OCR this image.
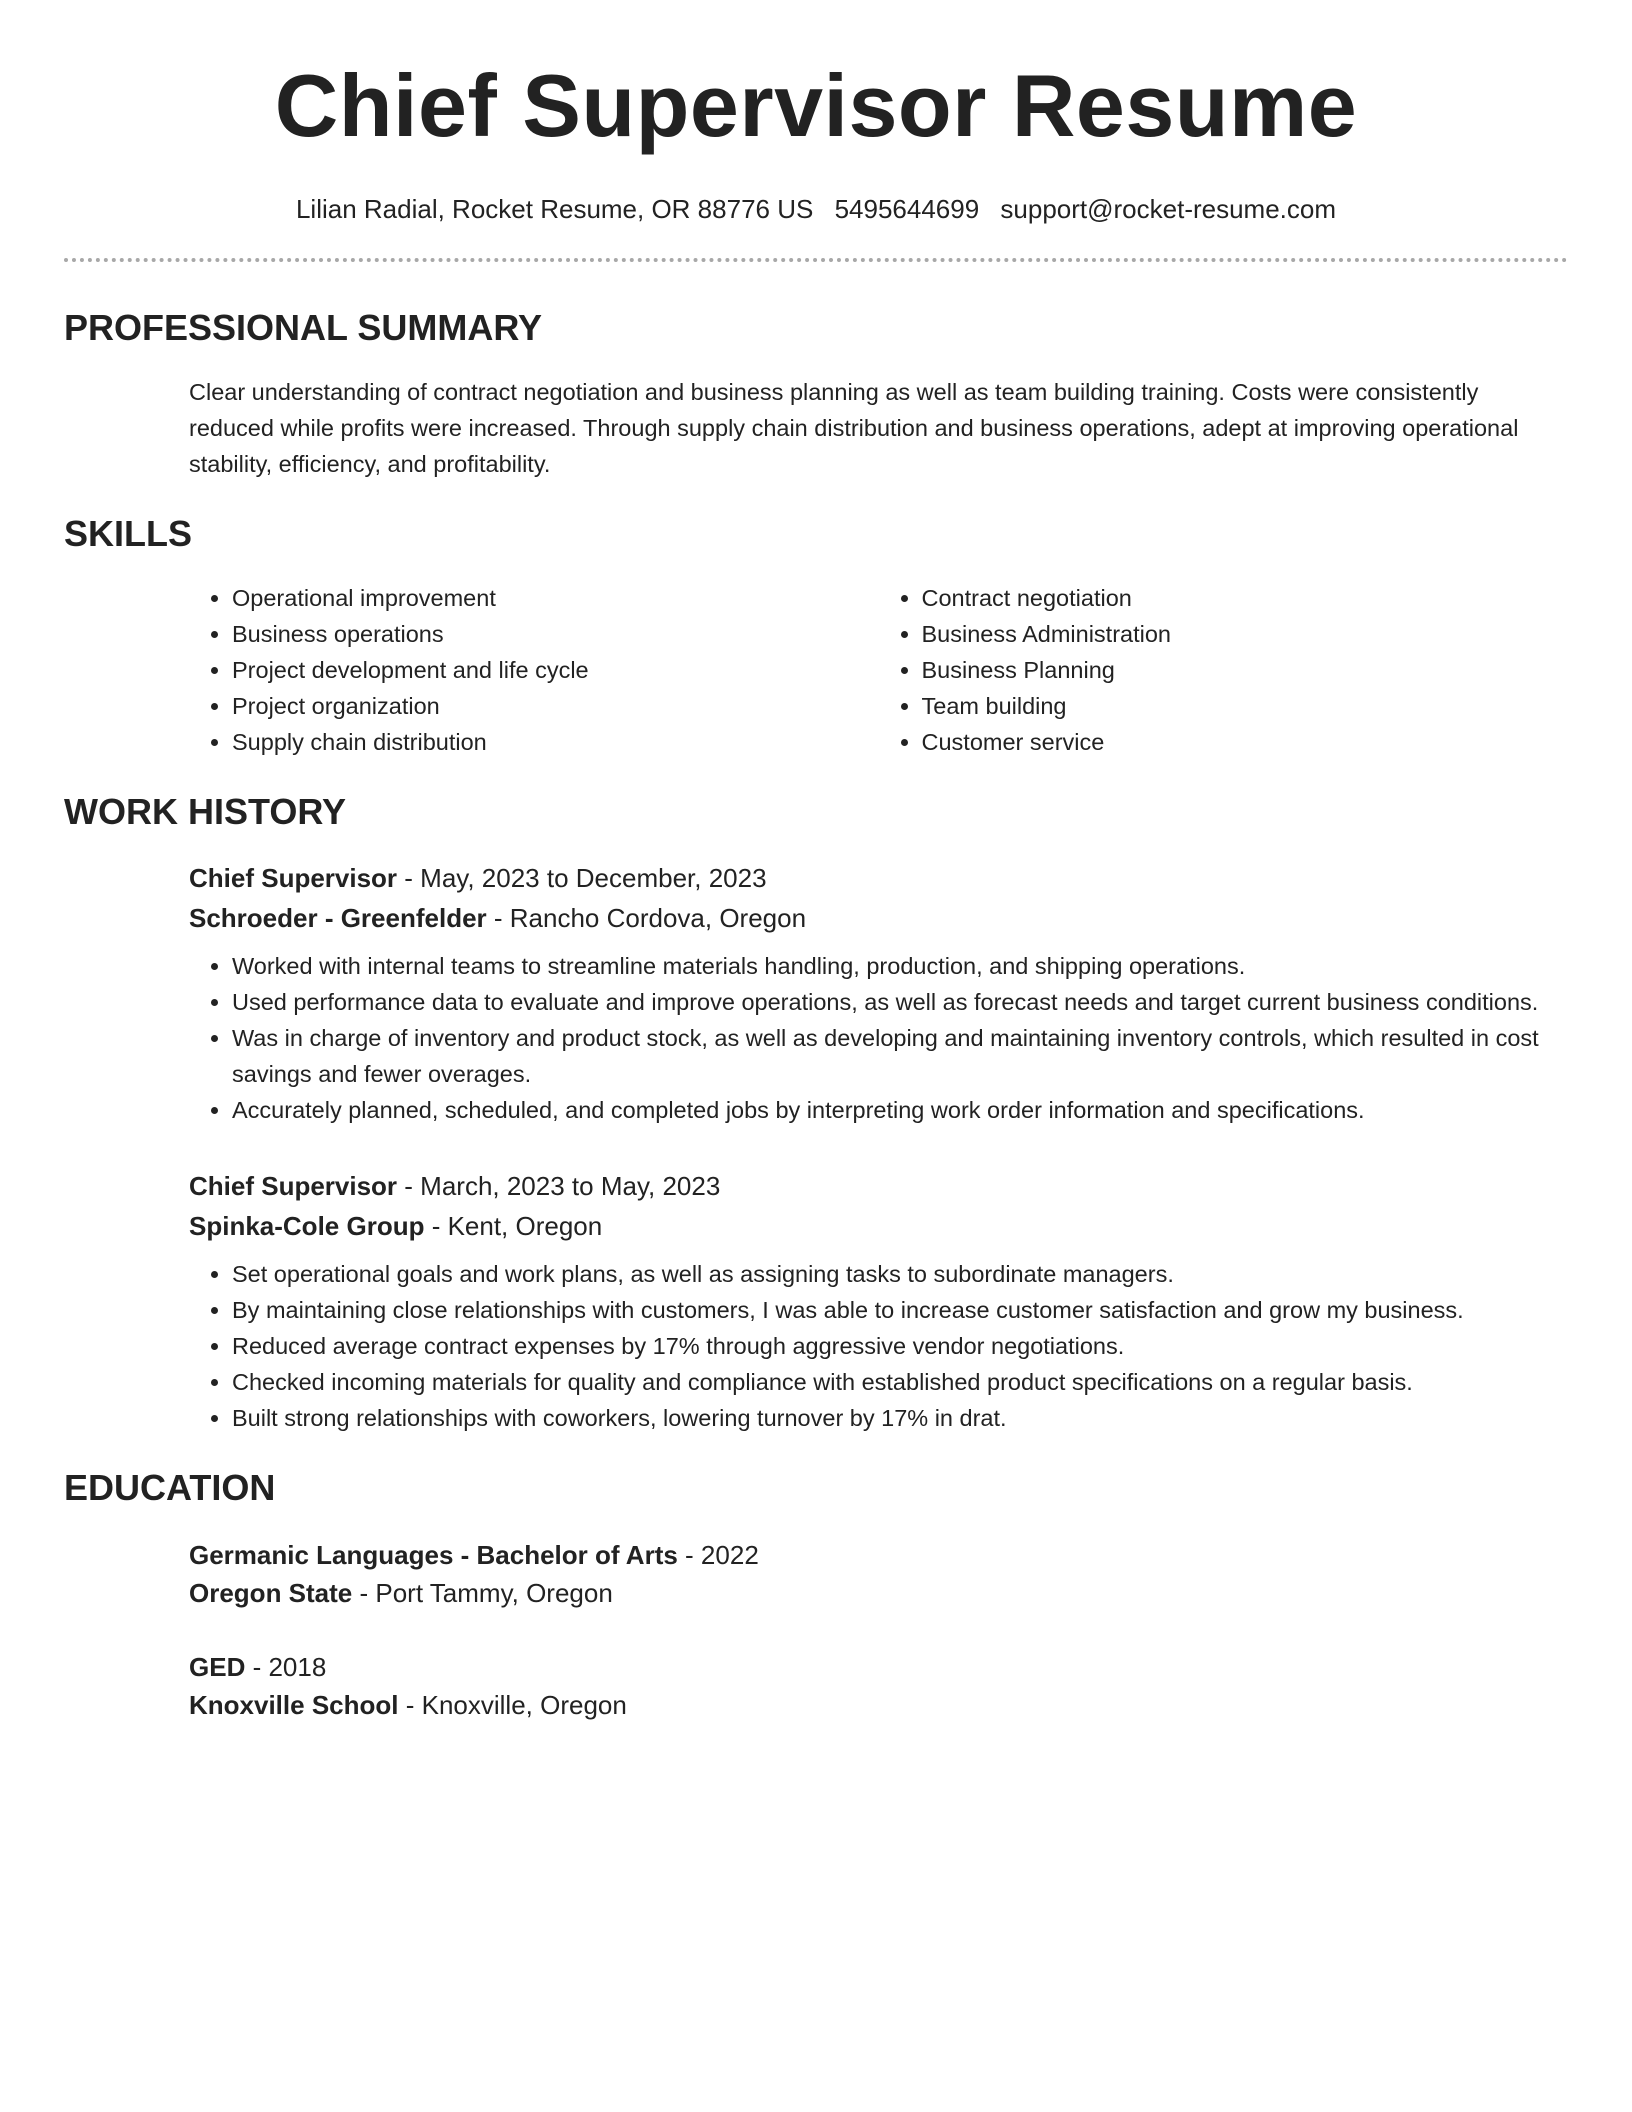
Chief Supervisor Resume
Lilian Radial, Rocket Resume, OR 88776 US 5495644699 support@rocket-resume.com
PROFESSIONAL SUMMARY
Clear understanding of contract negotiation and business planning as well as team building training. Costs were consistently reduced while profits were increased. Through supply chain distribution and business operations, adept at improving operational stability, efficiency, and profitability.
SKILLS
• Operational improvement
• Business operations
• Project development and life cycle
• Project organization
• Supply chain distribution
• Contract negotiation
• Business Administration
• Business Planning
• Team building
• Customer service
WORK HISTORY
Chief Supervisor - May, 2023 to December, 2023
Schroeder - Greenfelder - Rancho Cordova, Oregon
• Worked with internal teams to streamline materials handling, production, and shipping operations.
• Used performance data to evaluate and improve operations, as well as forecast needs and target current business conditions.
• Was in charge of inventory and product stock, as well as developing and maintaining inventory controls, which resulted in cost savings and fewer overages.
• Accurately planned, scheduled, and completed jobs by interpreting work order information and specifications.
Chief Supervisor - March, 2023 to May, 2023
Spinka-Cole Group - Kent, Oregon
• Set operational goals and work plans, as well as assigning tasks to subordinate managers.
• By maintaining close relationships with customers, I was able to increase customer satisfaction and grow my business.
• Reduced average contract expenses by 17% through aggressive vendor negotiations.
• Checked incoming materials for quality and compliance with established product specifications on a regular basis.
• Built strong relationships with coworkers, lowering turnover by 17% in drat.
EDUCATION
Germanic Languages - Bachelor of Arts - 2022
Oregon State - Port Tammy, Oregon
GED - 2018
Knoxville School - Knoxville, Oregon
